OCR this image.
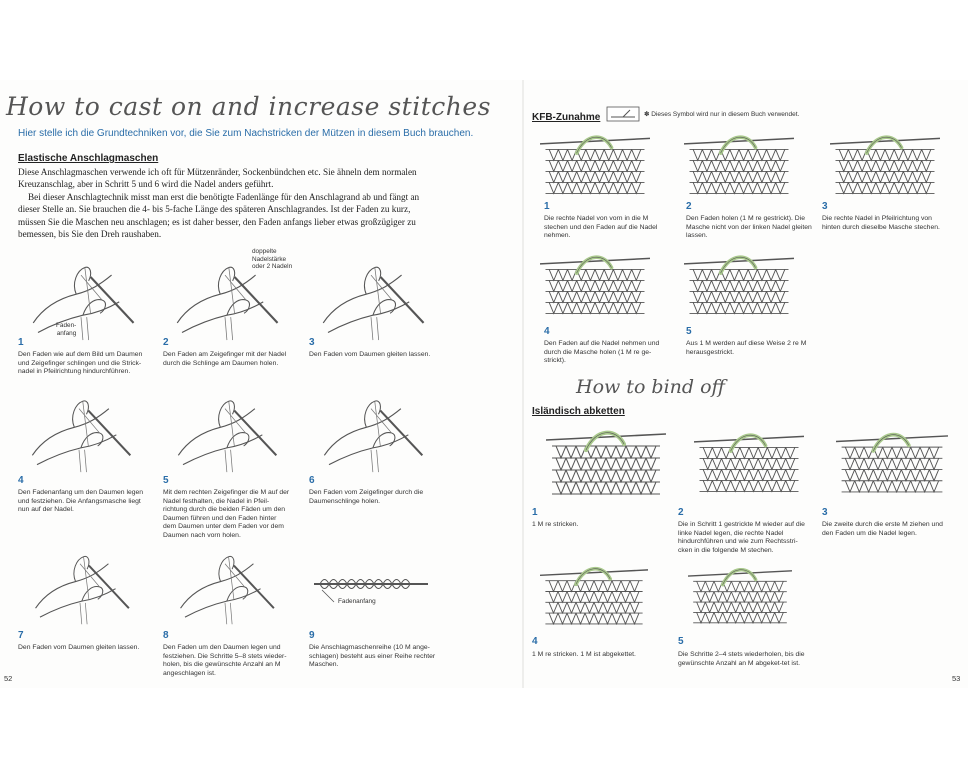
How to cast on and increase stitches
Hier stelle ich die Grundtechniken vor, die Sie zum Nachstricken der Mützen in diesem Buch brauchen.
Elastische Anschlagmaschen

Diese Anschlagmaschen verwende ich oft für Mützenränder, Sockenbündchen etc. Sie ähneln dem normalen Kreuzanschlag, aber in Schritt 5 und 6 wird die Nadel anders geführt.

Bei dieser Anschlagtechnik misst man erst die benötigte Fadenlänge für den Anschlagrand ab und fängt an dieser Stelle an. Sie brauchen die 4- bis 5-fache Länge des späteren Anschlagrandes. Ist der Faden zu kurz, müssen Sie die Maschen neu anschlagen; es ist daher besser, den Faden anfangs lieber etwas großzügiger zu bemessen, bis Sie den Dreh raushaben.

Faden-
anfang
doppelte
Nadelstärke
oder 2 Nadeln
1	2	3
Den Faden wie auf dem Bild um Daumen und Zeigefinger schlingen und die Strick-nadel in Pfeilrichtung hindurchführen.
Den Faden am Zeigefinger mit der Nadel durch die Schlinge am Daumen holen.
Den Faden vom Daumen gleiten lassen.
4	5	6
Den Fadenanfang um den Daumen legen und festziehen. Die Anfangsmasche liegt nun auf der Nadel.
Mit dem rechten Zeigefinger die M auf der Nadel festhalten, die Nadel in Pfeil-richtung durch die beiden Fäden um den Daumen führen und den Faden hinter dem Daumen unter dem Faden vor dem Daumen nach vorn holen.
Den Faden vom Zeigefinger durch die Daumenschlinge holen.
Fadenanfang
7	8	9
Den Faden vom Daumen gleiten lassen.	Den Faden um den Daumen legen und festziehen. Die Schritte 5–8 stets wieder-holen, bis die gewünschte Anzahl an M angeschlagen ist.
Die Anschlagmaschenreihe (10 M ange-schlagen) besteht aus einer Reihe rechter Maschen.
52
KFB-Zunahme	✽ Dieses Symbol wird nur in diesem Buch verwendet.
1	2	3
Die rechte Nadel von vorn in die M stechen und den Faden auf die Nadel nehmen.
Den Faden holen (1 M re gestrickt). Die Masche nicht von der linken Nadel gleiten lassen.
Die rechte Nadel in Pfeilrichtung von hinten durch dieselbe Masche stechen.
4	5
Den Faden auf die Nadel nehmen und durch die Masche holen (1 M re ge-strickt).
Aus 1 M werden auf diese Weise 2 re M herausgestrickt.
How to bind off
Isländisch abketten
1	2	3
1 M re stricken.	Die in Schritt 1 gestrickte M wieder auf die linke Nadel legen, die rechte Nadel hindurchführen und wie zum Rechtsstri-cken in die folgende M stechen.
Die zweite durch die erste M ziehen und den Faden um die Nadel legen.
4	5
1 M re stricken. 1 M ist abgekettet.	Die Schritte 2–4 stets wiederholen, bis die gewünschte Anzahl an M abgeket-tet ist.
53
